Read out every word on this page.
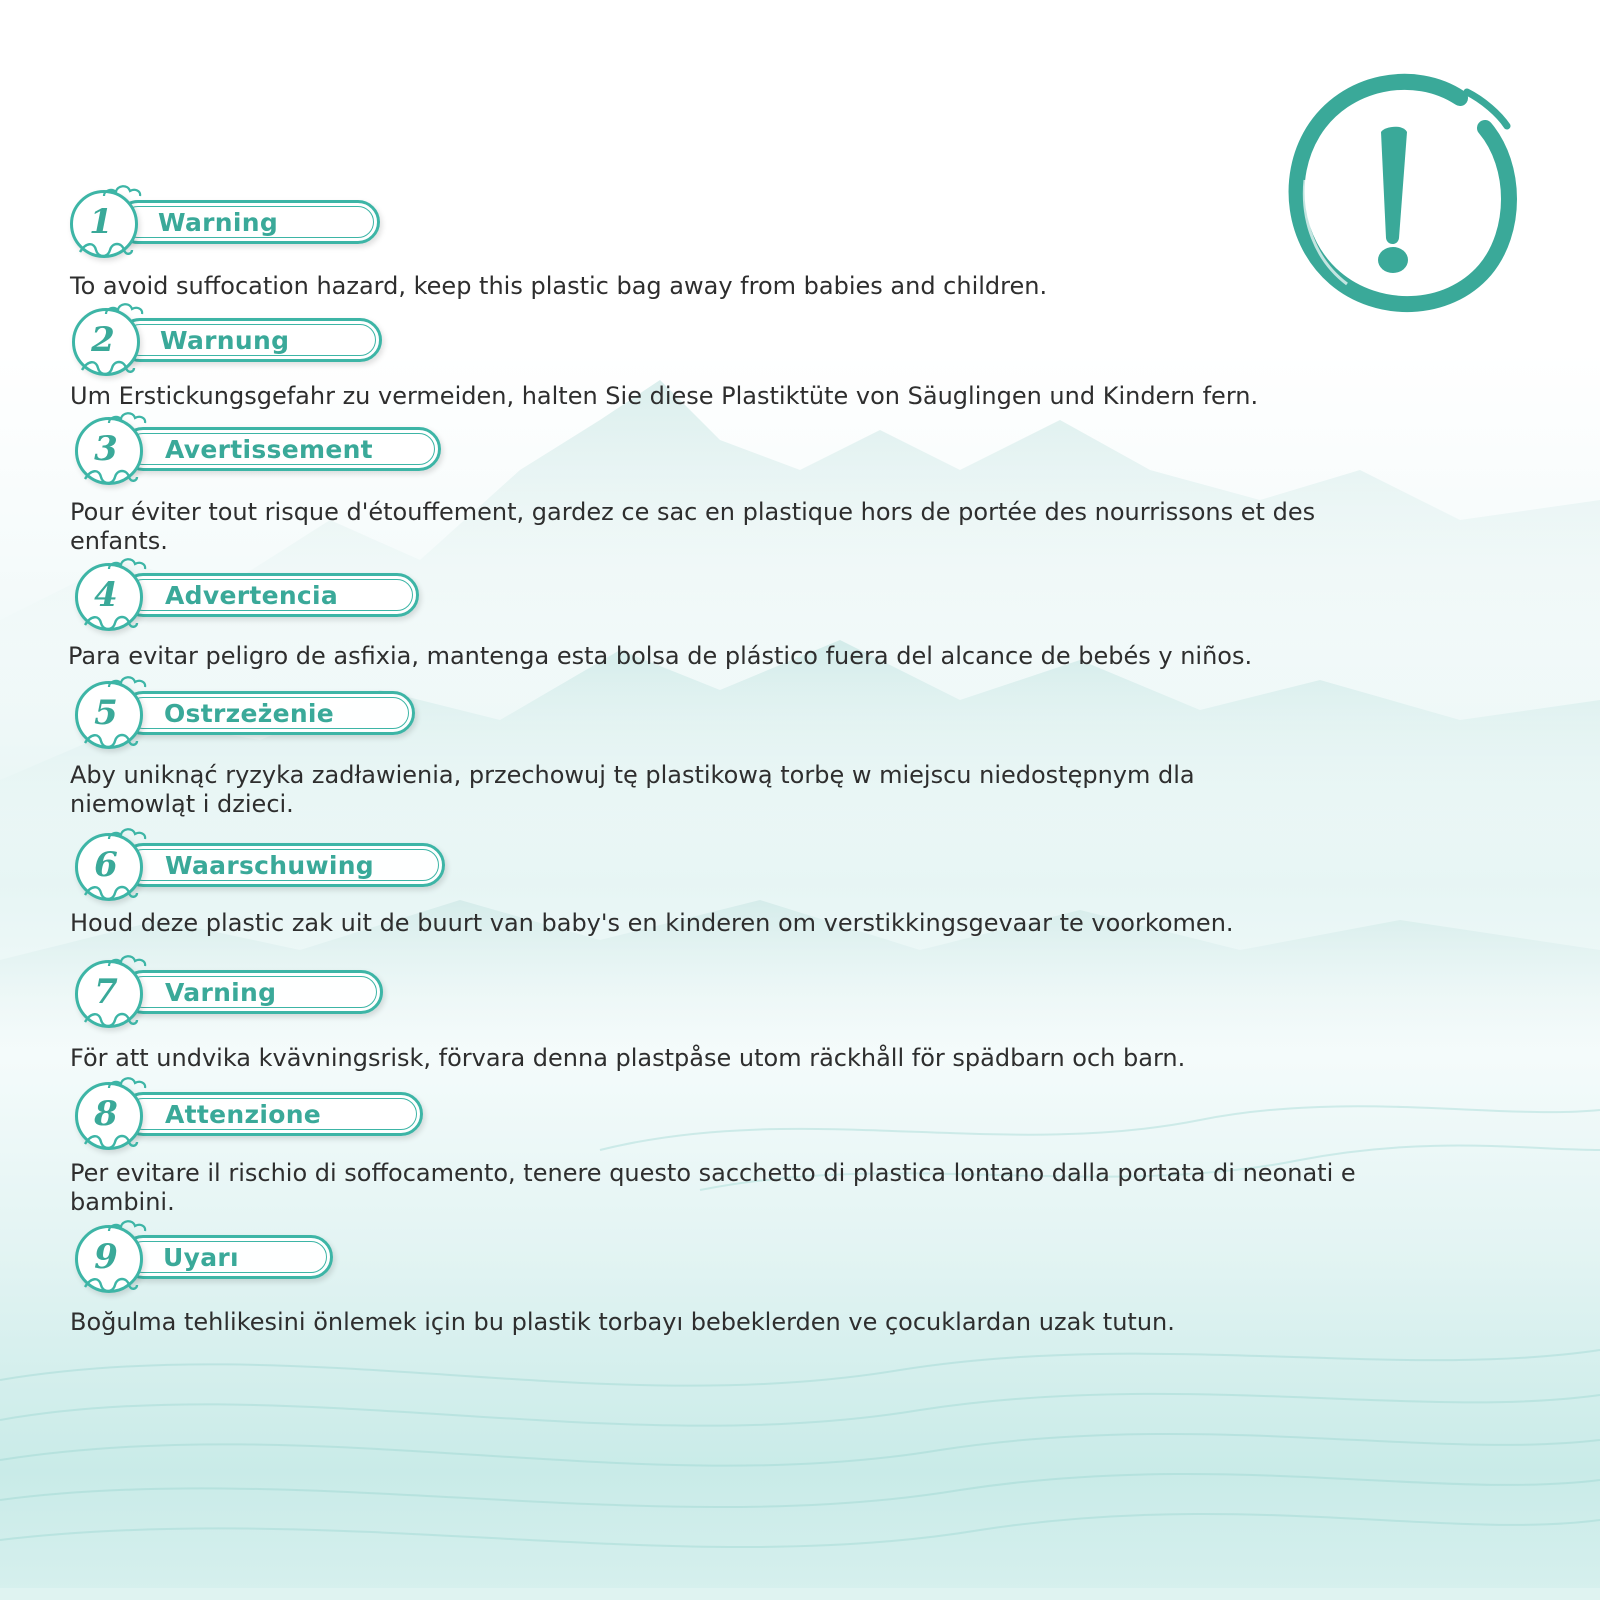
1	Warning
To avoid suffocation hazard, keep this plastic bag away from babies and children.
2	Warnung
Um Erstickungsgefahr zu vermeiden, halten Sie diese Plastiktüte von Säuglingen und Kindern fern.
3	Avertissement
Pour éviter tout risque d'étouffement, gardez ce sac en plastique hors de portée des nourrissons et des enfants.
4	Advertencia
Para evitar peligro de asfixia, mantenga esta bolsa de plástico fuera del alcance de bebés y niños.
5	Ostrzeżenie
Aby uniknąć ryzyka zadławienia, przechowuj tę plastikową torbę w miejscu niedostępnym dla niemowląt i dzieci.
6	Waarschuwing
Houd deze plastic zak uit de buurt van baby's en kinderen om verstikkingsgevaar te voorkomen.
7	Varning
För att undvika kvävningsrisk, förvara denna plastpåse utom räckhåll för spädbarn och barn.
8	Attenzione
Per evitare il rischio di soffocamento, tenere questo sacchetto di plastica lontano dalla portata di neonati e bambini.
9	Uyarı
Boğulma tehlikesini önlemek için bu plastik torbayı bebeklerden ve çocuklardan uzak tutun.
